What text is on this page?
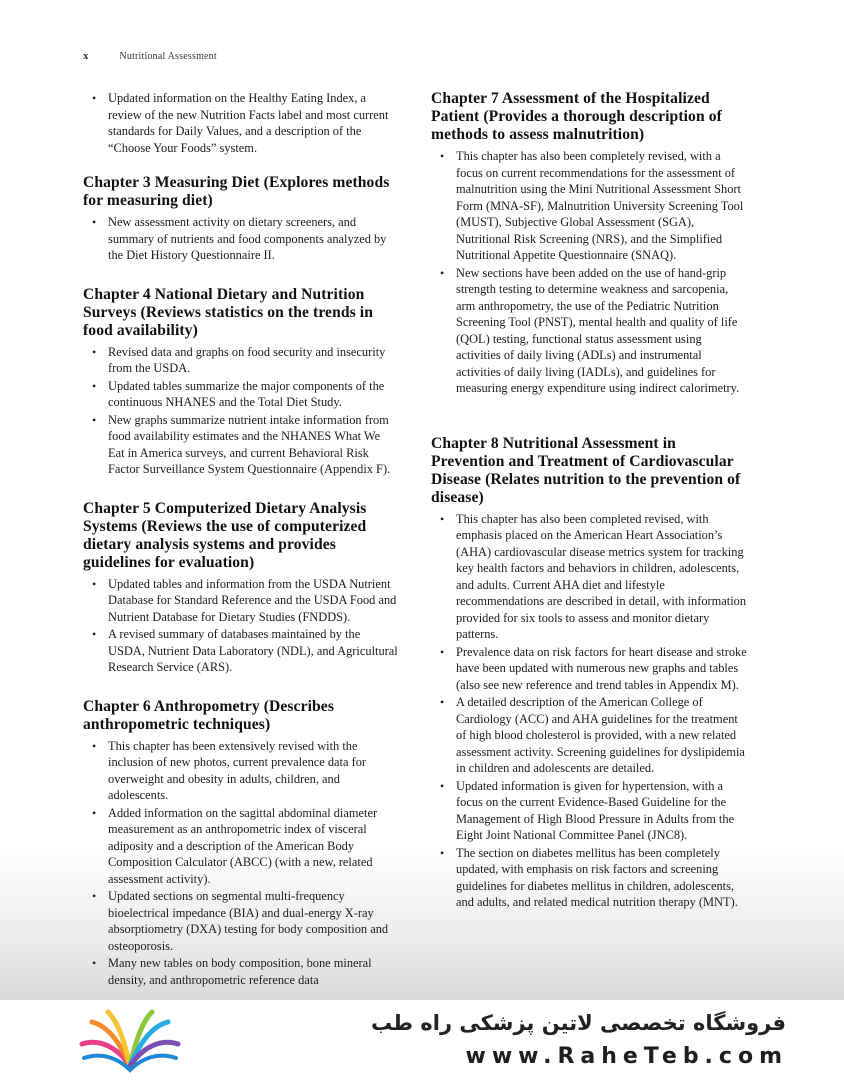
x	Nutritional Assessment
• Updated information on the Healthy Eating Index, a review of the new Nutrition Facts label and most current standards for Daily Values, and a description of the “Choose Your Foods” system.
Chapter 3 Measuring Diet (Explores methods for measuring diet)
• New assessment activity on dietary screeners, and summary of nutrients and food components analyzed by the Diet History Questionnaire II.
Chapter 4 National Dietary and Nutrition Surveys (Reviews statistics on the trends in food availability)
• Revised data and graphs on food security and insecurity from the USDA.
• Updated tables summarize the major components of the continuous NHANES and the Total Diet Study.
• New graphs summarize nutrient intake information from food availability estimates and the NHANES What We Eat in America surveys, and current Behavioral Risk Factor Surveillance System Questionnaire (Appendix F).
Chapter 5 Computerized Dietary Analysis Systems (Reviews the use of computerized dietary analysis systems and provides guidelines for evaluation)
• Updated tables and information from the USDA Nutrient Database for Standard Reference and the USDA Food and Nutrient Database for Dietary Studies (FNDDS).
• A revised summary of databases maintained by the USDA, Nutrient Data Laboratory (NDL), and Agricultural Research Service (ARS).
Chapter 6 Anthropometry (Describes anthropometric techniques)
• This chapter has been extensively revised with the inclusion of new photos, current prevalence data for overweight and obesity in adults, children, and adolescents.
• Added information on the sagittal abdominal diameter measurement as an anthropometric index of visceral adiposity and a description of the American Body Composition Calculator (ABCC) (with a new, related assessment activity).
• Updated sections on segmental multi-frequency bioelectrical impedance (BIA) and dual-energy X-ray absorptiometry (DXA) testing for body composition and osteoporosis.
• Many new tables on body composition, bone mineral density, and anthropometric reference data
Chapter 7 Assessment of the Hospitalized Patient (Provides a thorough description of methods to assess malnutrition)
• This chapter has also been completely revised, with a focus on current recommendations for the assessment of malnutrition using the Mini Nutritional Assessment Short Form (MNA-SF), Malnutrition University Screening Tool (MUST), Subjective Global Assessment (SGA), Nutritional Risk Screening (NRS), and the Simplified Nutritional Appetite Questionnaire (SNAQ).
• New sections have been added on the use of hand-grip strength testing to determine weakness and sarcopenia, arm anthropometry, the use of the Pediatric Nutrition Screening Tool (PNST), mental health and quality of life (QOL) testing, functional status assessment using activities of daily living (ADLs) and instrumental activities of daily living (IADLs), and guidelines for measuring energy expenditure using indirect calorimetry.
Chapter 8 Nutritional Assessment in Prevention and Treatment of Cardiovascular Disease (Relates nutrition to the prevention of disease)
• This chapter has also been completed revised, with emphasis placed on the American Heart Association’s (AHA) cardiovascular disease metrics system for tracking key health factors and behaviors in children, adolescents, and adults. Current AHA diet and lifestyle recommendations are described in detail, with information provided for six tools to assess and monitor dietary patterns.
• Prevalence data on risk factors for heart disease and stroke have been updated with numerous new graphs and tables (also see new reference and trend tables in Appendix M).
• A detailed description of the American College of Cardiology (ACC) and AHA guidelines for the treatment of high blood cholesterol is provided, with a new related assessment activity. Screening guidelines for dyslipidemia in children and adolescents are detailed.
• Updated information is given for hypertension, with a focus on the current Evidence-Based Guideline for the Management of High Blood Pressure in Adults from the Eight Joint National Committee Panel (JNC8).
• The section on diabetes mellitus has been completely updated, with emphasis on risk factors and screening guidelines for diabetes mellitus in children, adolescents, and adults, and related medical nutrition therapy (MNT).
فروشگاه تخصصی لاتین پزشکی راه طب
www.RaheTeb.com
